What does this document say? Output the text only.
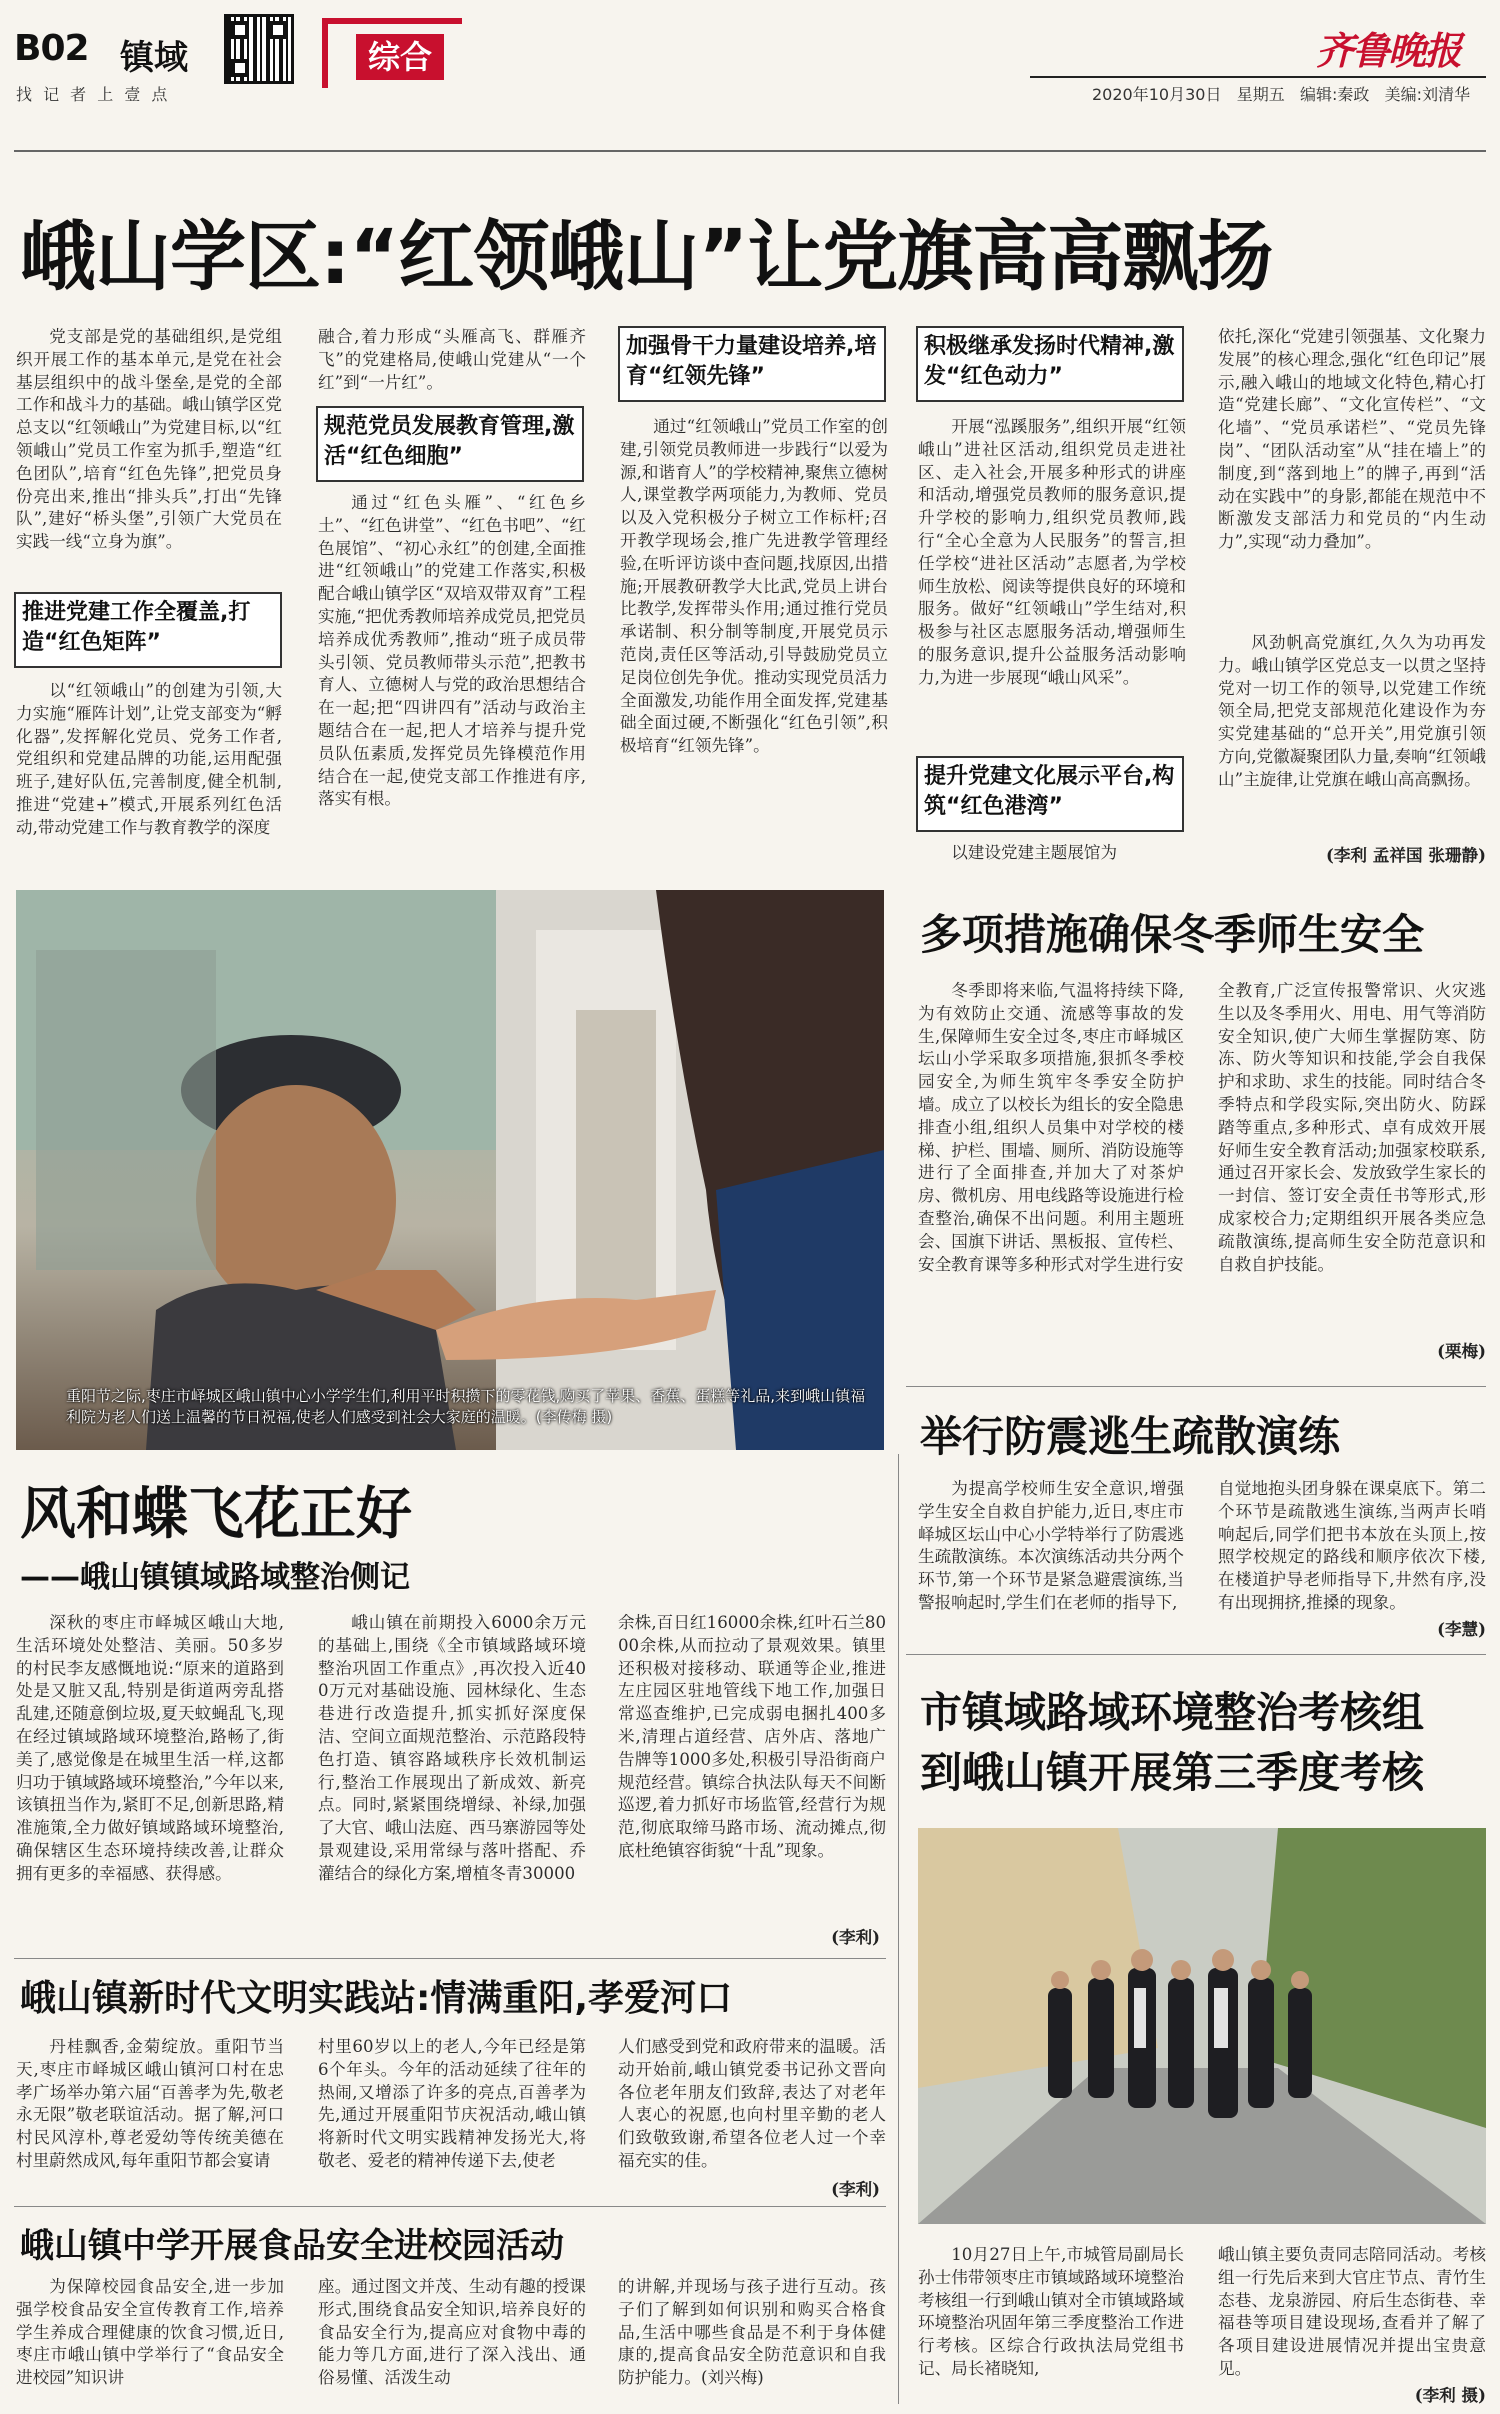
B02 镇域
找 记 者 上 壹 点
综合
2020年10月30日 星期五 编辑:秦政 美编:刘清华
齐鲁晚报
峨山学区:“红领峨山”让党旗高高飘扬

党支部是党的基础组织,是党组织开展工作的基本单元,是党在社会基层组织中的战斗堡垒,是党的全部工作和战斗力的基础。峨山镇学区党总支以“红领峨山”为党建目标,以“红领峨山”党员工作室为抓手,塑造“红色团队”,培育“红色先锋”,把党员身份亮出来,推出“排头兵”,打出“先锋队”,建好“桥头堡”,引领广大党员在实践一线“立身为旗”。

推进党建工作全覆盖,打造“红色矩阵”

以“红领峨山”的创建为引领,大力实施“雁阵计划”,让党支部变为“孵化器”,发挥解化党员、党务工作者,党组织和党建品牌的功能,运用配强班子,建好队伍,完善制度,健全机制,推进“党建+”模式,开展系列红色活动,带动党建工作与教育教学的深度

融合,着力形成“头雁高飞、群雁齐飞”的党建格局,使峨山党建从“一个红”到“一片红”。

规范党员发展教育管理,激活“红色细胞”

通过“红色头雁”、“红色乡土”、“红色讲堂”、“红色书吧”、“红色展馆”、“初心永红”的创建,全面推进“红领峨山”的党建工作落实,积极配合峨山镇学区“双培双带双育”工程实施,“把优秀教师培养成党员,把党员培养成优秀教师”,推动“班子成员带头引领、党员教师带头示范”,把教书育人、立德树人与党的政治思想结合在一起;把“四讲四有”活动与政治主题结合在一起,把人才培养与提升党员队伍素质,发挥党员先锋模范作用结合在一起,使党支部工作推进有序,落实有根。

加强骨干力量建设培养,培育“红领先锋”

通过“红领峨山”党员工作室的创建,引领党员教师进一步践行“以爱为源,和谐育人”的学校精神,聚焦立德树人,课堂教学两项能力,为教师、党员以及入党积极分子树立工作标杆;召开教学现场会,推广先进教学管理经验,在听评访谈中查问题,找原因,出措施;开展教研教学大比武,党员上讲台比教学,发挥带头作用;通过推行党员承诺制、积分制等制度,开展党员示范岗,责任区等活动,引导鼓励党员立足岗位创先争优。推动实现党员活力全面激发,功能作用全面发挥,党建基础全面过硬,不断强化“红色引领”,积极培育“红领先锋”。

积极继承发扬时代精神,激发“红色动力”

开展“泓蹊服务”,组织开展“红领峨山”进社区活动,组织党员走进社区、走入社会,开展多种形式的讲座和活动,增强党员教师的服务意识,提升学校的影响力,组织党员教师,践行“全心全意为人民服务”的誓言,担任学校“进社区活动”志愿者,为学校师生放松、阅读等提供良好的环境和服务。做好“红领峨山”学生结对,积极参与社区志愿服务活动,增强师生的服务意识,提升公益服务活动影响力,为进一步展现“峨山风采”。

提升党建文化展示平台,构筑“红色港湾”

以建设党建主题展馆为

依托,深化“党建引领强基、文化聚力发展”的核心理念,强化“红色印记”展示,融入峨山的地域文化特色,精心打造“党建长廊”、“文化宣传栏”、“文化墙”、“党员承诺栏”、“党员先锋岗”、“团队活动室”从“挂在墙上”的制度,到“落到地上”的牌子,再到“活动在实践中”的身影,都能在规范中不断激发支部活力和党员的“内生动力”,实现“动力叠加”。

风劲帆高党旗红,久久为功再发力。峨山镇学区党总支一以贯之坚持党对一切工作的领导,以党建工作统领全局,把党支部规范化建设作为夯实党建基础的“总开关”,用党旗引领方向,党徽凝聚团队力量,奏响“红领峨山”主旋律,让党旗在峨山高高飘扬。

(李利 孟祥国 张珊静)
重阳节之际,枣庄市峄城区峨山镇中心小学学生们,利用平时积攒下的零花钱,购买了苹果、香蕉、蛋糕等礼品,来到峨山镇福利院为老人们送上温馨的节日祝福,使老人们感受到社会大家庭的温暖。(李传梅 摄)
多项措施确保冬季师生安全

冬季即将来临,气温将持续下降,为有效防止交通、流感等事故的发生,保障师生安全过冬,枣庄市峄城区坛山小学采取多项措施,狠抓冬季校园安全,为师生筑牢冬季安全防护墙。成立了以校长为组长的安全隐患排查小组,组织人员集中对学校的楼梯、护栏、围墙、厕所、消防设施等进行了全面排查,并加大了对茶炉房、微机房、用电线路等设施进行检查整治,确保不出问题。利用主题班会、国旗下讲话、黑板报、宣传栏、安全教育课等多种形式对学生进行安

全教育,广泛宣传报警常识、火灾逃生以及冬季用火、用电、用气等消防安全知识,使广大师生掌握防寒、防冻、防火等知识和技能,学会自我保护和求助、求生的技能。同时结合冬季特点和学段实际,突出防火、防踩踏等重点,多种形式、卓有成效开展好师生安全教育活动;加强家校联系,通过召开家长会、发放致学生家长的一封信、签订安全责任书等形式,形成家校合力;定期组织开展各类应急疏散演练,提高师生安全防范意识和自救自护技能。

(栗梅)
举行防震逃生疏散演练

为提高学校师生安全意识,增强学生安全自救自护能力,近日,枣庄市峄城区坛山中心小学特举行了防震逃生疏散演练。本次演练活动共分两个环节,第一个环节是紧急避震演练,当警报响起时,学生们在老师的指导下,

自觉地抱头团身躲在课桌底下。第二个环节是疏散逃生演练,当两声长哨响起后,同学们把书本放在头顶上,按照学校规定的路线和顺序依次下楼,在楼道护导老师指导下,井然有序,没有出现拥挤,推搡的现象。

(李慧)
市镇域路域环境整治考核组
到峨山镇开展第三季度考核

10月27日上午,市城管局副局长孙士伟带领枣庄市镇域路域环境整治考核组一行到峨山镇对全市镇域路域环境整治巩固年第三季度整治工作进行考核。区综合行政执法局党组书记、局长褚晓知,

峨山镇主要负责同志陪同活动。考核组一行先后来到大官庄节点、青竹生态巷、龙泉游园、府后生态街巷、幸福巷等项目建设现场,查看并了解了各项目建设进展情况并提出宝贵意见。

(李利 摄)
风和蝶飞花正好
——峨山镇镇域路域整治侧记

深秋的枣庄市峄城区峨山大地,生活环境处处整洁、美丽。50多岁的村民李友感慨地说:“原来的道路到处是又脏又乱,特别是街道两旁乱搭乱建,还随意倒垃圾,夏天蚊蝇乱飞,现在经过镇域路域环境整治,路畅了,街美了,感觉像是在城里生活一样,这都归功于镇域路域环境整治,”今年以来,该镇扭当作为,紧盯不足,创新思路,精准施策,全力做好镇域路域环境整治,确保辖区生态环境持续改善,让群众拥有更多的幸福感、获得感。

峨山镇在前期投入6000余万元的基础上,围绕《全市镇域路域环境整治巩固工作重点》,再次投入近400万元对基础设施、园林绿化、生态巷进行改造提升,抓实抓好深度保洁、空间立面规范整治、示范路段特色打造、镇容路域秩序长效机制运行,整治工作展现出了新成效、新亮点。同时,紧紧围绕增绿、补绿,加强了大官、峨山法庭、西马寨游园等处景观建设,采用常绿与落叶搭配、乔灌结合的绿化方案,增植冬青30000

余株,百日红16000余株,红叶石兰8000余株,从而拉动了景观效果。镇里还积极对接移动、联通等企业,推进左庄园区驻地管线下地工作,加强日常巡查维护,已完成弱电捆扎400多米,清理占道经营、店外店、落地广告牌等1000多处,积极引导沿街商户规范经营。镇综合执法队每天不间断巡逻,着力抓好市场监管,经营行为规范,彻底取缔马路市场、流动摊点,彻底杜绝镇容街貌“十乱”现象。

(李利)
峨山镇新时代文明实践站:情满重阳,孝爱河口

丹桂飘香,金菊绽放。重阳节当天,枣庄市峄城区峨山镇河口村在忠孝广场举办第六届“百善孝为先,敬老永无限”敬老联谊活动。据了解,河口村民风淳朴,尊老爱幼等传统美德在村里蔚然成风,每年重阳节都会宴请

村里60岁以上的老人,今年已经是第6个年头。今年的活动延续了往年的热闹,又增添了许多的亮点,百善孝为先,通过开展重阳节庆祝活动,峨山镇将新时代文明实践精神发扬光大,将敬老、爱老的精神传递下去,使老

人们感受到党和政府带来的温暖。活动开始前,峨山镇党委书记孙文晋向各位老年朋友们致辞,表达了对老年人衷心的祝愿,也向村里辛勤的老人们致敬致谢,希望各位老人过一个幸福充实的佳。

(李利)
峨山镇中学开展食品安全进校园活动

为保障校园食品安全,进一步加强学校食品安全宣传教育工作,培养学生养成合理健康的饮食习惯,近日,枣庄市峨山镇中学举行了“食品安全进校园”知识讲

座。通过图文并茂、生动有趣的授课形式,围绕食品安全知识,培养良好的食品安全行为,提高应对食物中毒的能力等几方面,进行了深入浅出、通俗易懂、活泼生动

的讲解,并现场与孩子进行互动。孩子们了解到如何识别和购买合格食品,生活中哪些食品是不利于身体健康的,提高食品安全防范意识和自我防护能力。(刘兴梅)
